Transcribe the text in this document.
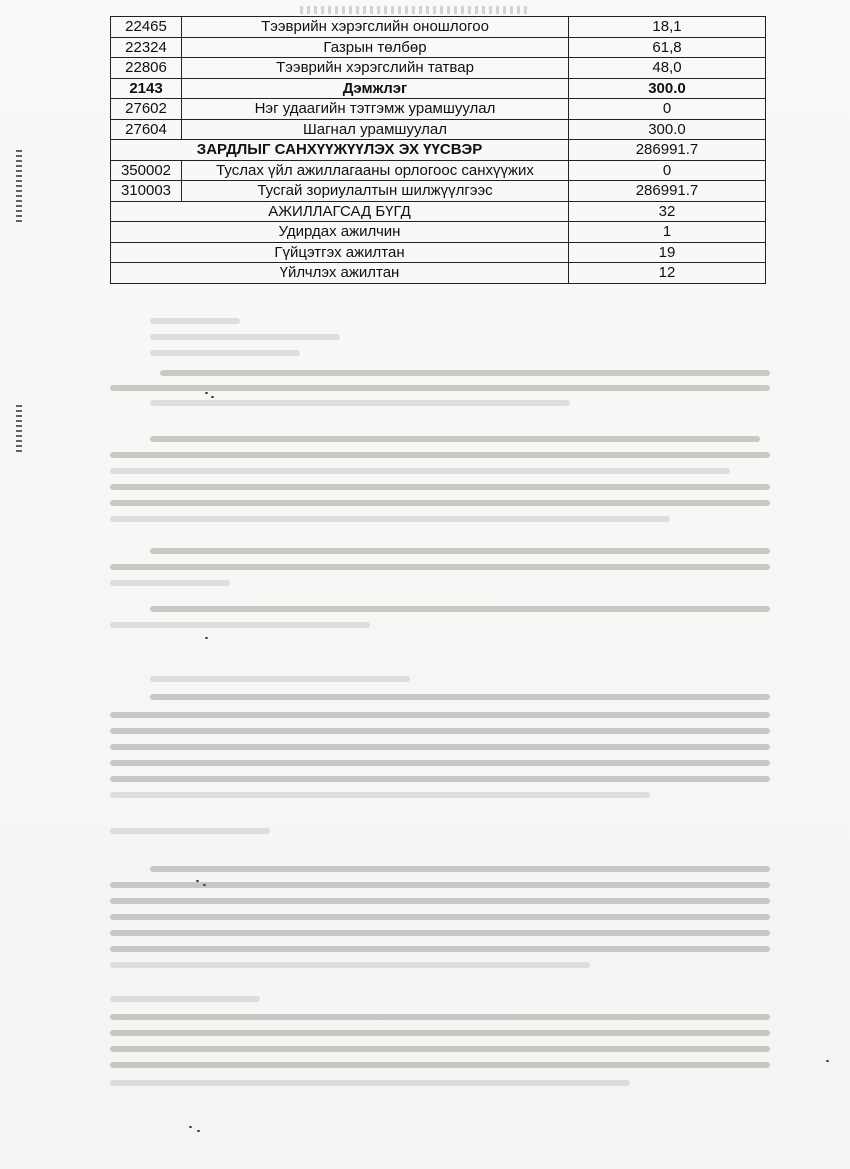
22465	Тээврийн хэрэгслийн оношлогоо	18,1
22324	Газрын төлбөр	61,8
22806	Тээврийн хэрэгслийн татвар	48,0
2143	Дэмжлэг	300.0
27602	Нэг удаагийн тэтгэмж урамшуулал	0
27604	Шагнал урамшуулал	300.0
ЗАРДЛЫГ САНХҮҮЖҮҮЛЭХ ЭХ ҮҮСВЭР		286991.7
350002	Туслах үйл ажиллагааны орлогоос санхүүжих	0
310003	Тусгай зориулалтын шилжүүлгээс	286991.7
АЖИЛЛАГСАД БҮГД		32
Удирдах ажилчин		1
Гүйцэтгэх ажилтан		19
Үйлчлэх ажилтан		12
